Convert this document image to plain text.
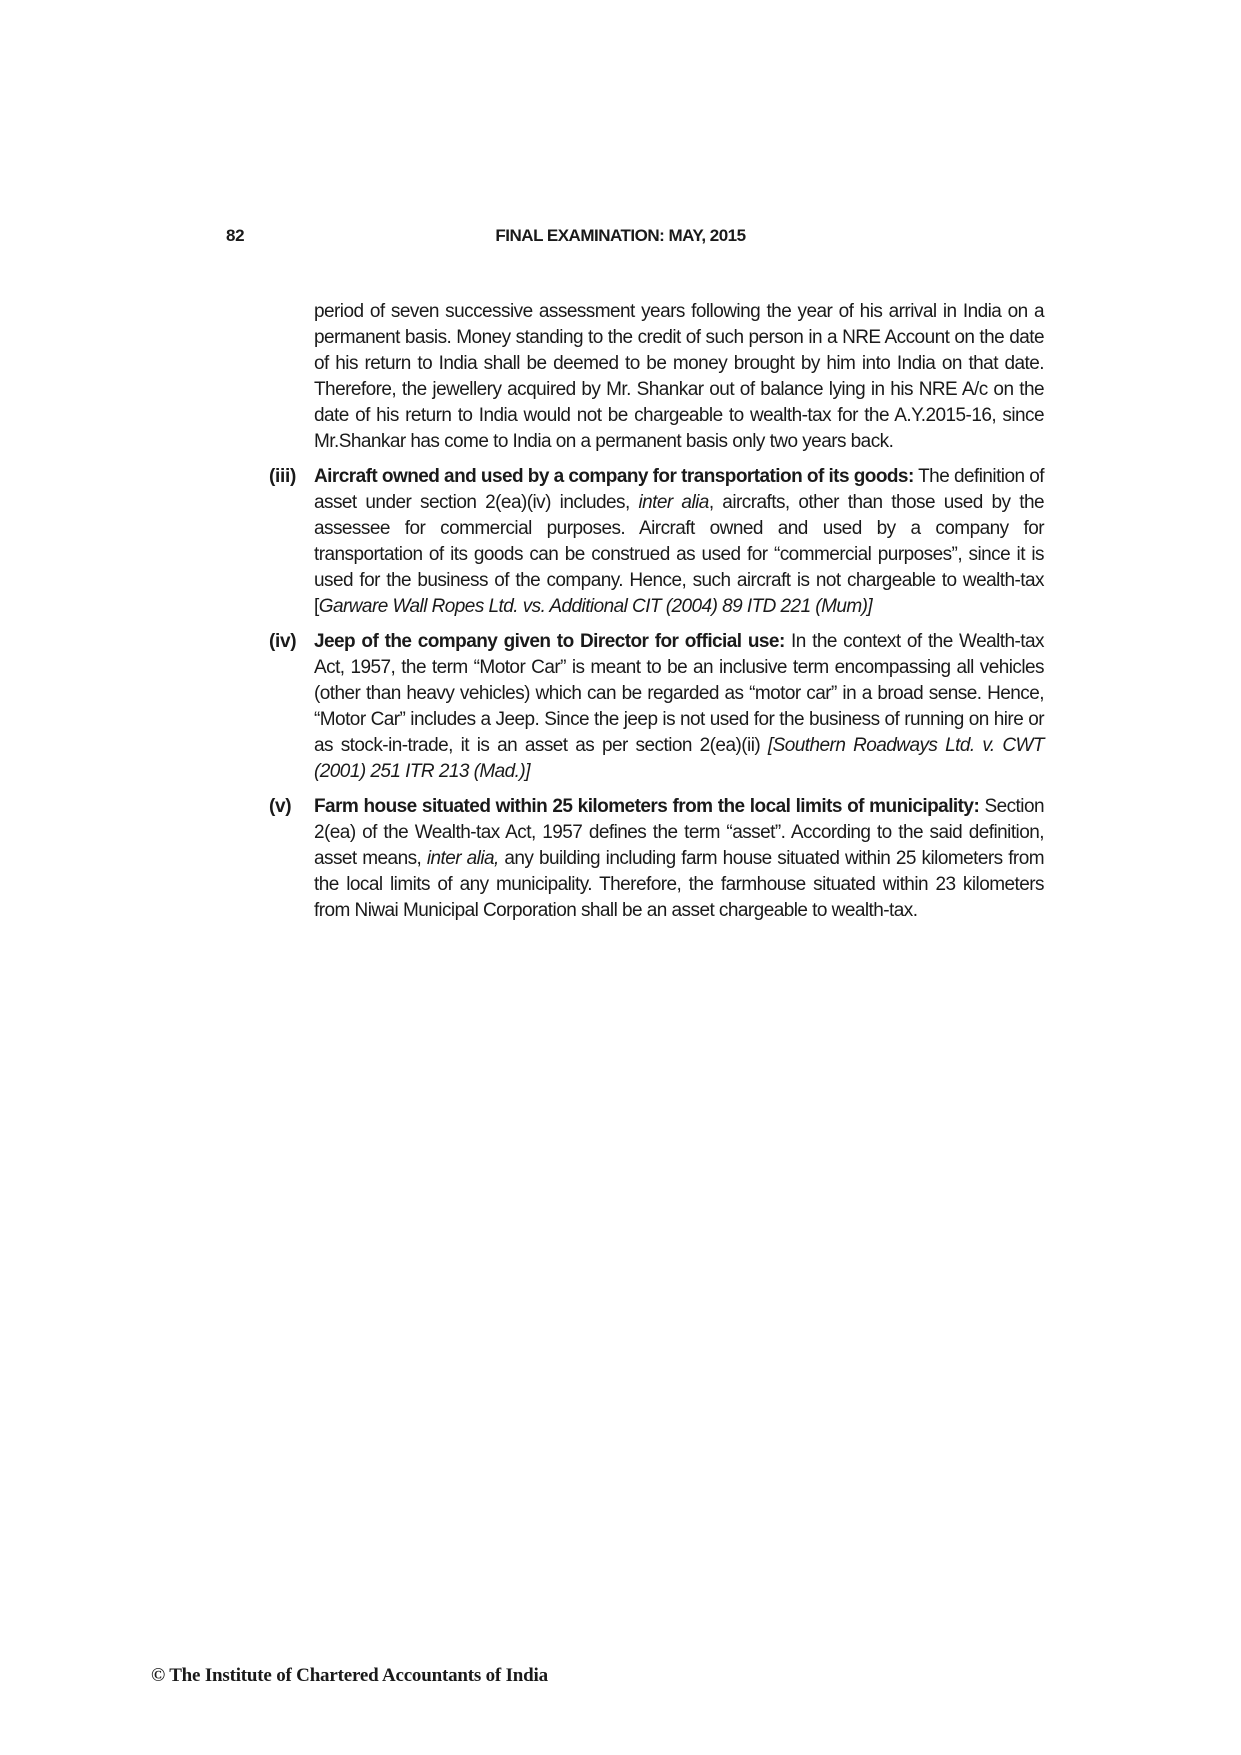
82	FINAL EXAMINATION: MAY, 2015

period of seven successive assessment years following the year of his arrival in India on a permanent basis. Money standing to the credit of such person in a NRE Account on the date of his return to India shall be deemed to be money brought by him into India on that date. Therefore, the jewellery acquired by Mr. Shankar out of balance lying in his NRE A/c on the date of his return to India would not be chargeable to wealth-tax for the A.Y.2015-16, since Mr.Shankar has come to India on a permanent basis only two years back.

(iii) Aircraft owned and used by a company for transportation of its goods: The definition of asset under section 2(ea)(iv) includes, inter alia, aircrafts, other than those used by the assessee for commercial purposes. Aircraft owned and used by a company for transportation of its goods can be construed as used for “commercial purposes”, since it is used for the business of the company. Hence, such aircraft is not chargeable to wealth-tax [Garware Wall Ropes Ltd. vs. Additional CIT (2004) 89 ITD 221 (Mum)]

(iv) Jeep of the company given to Director for official use: In the context of the Wealth-tax Act, 1957, the term “Motor Car” is meant to be an inclusive term encompassing all vehicles (other than heavy vehicles) which can be regarded as “motor car” in a broad sense. Hence, “Motor Car” includes a Jeep. Since the jeep is not used for the business of running on hire or as stock-in-trade, it is an asset as per section 2(ea)(ii) [Southern Roadways Ltd. v. CWT (2001) 251 ITR 213 (Mad.)]

(v) Farm house situated within 25 kilometers from the local limits of municipality: Section 2(ea) of the Wealth-tax Act, 1957 defines the term “asset”. According to the said definition, asset means, inter alia, any building including farm house situated within 25 kilometers from the local limits of any municipality. Therefore, the farmhouse situated within 23 kilometers from Niwai Municipal Corporation shall be an asset chargeable to wealth-tax.

© The Institute of Chartered Accountants of India
